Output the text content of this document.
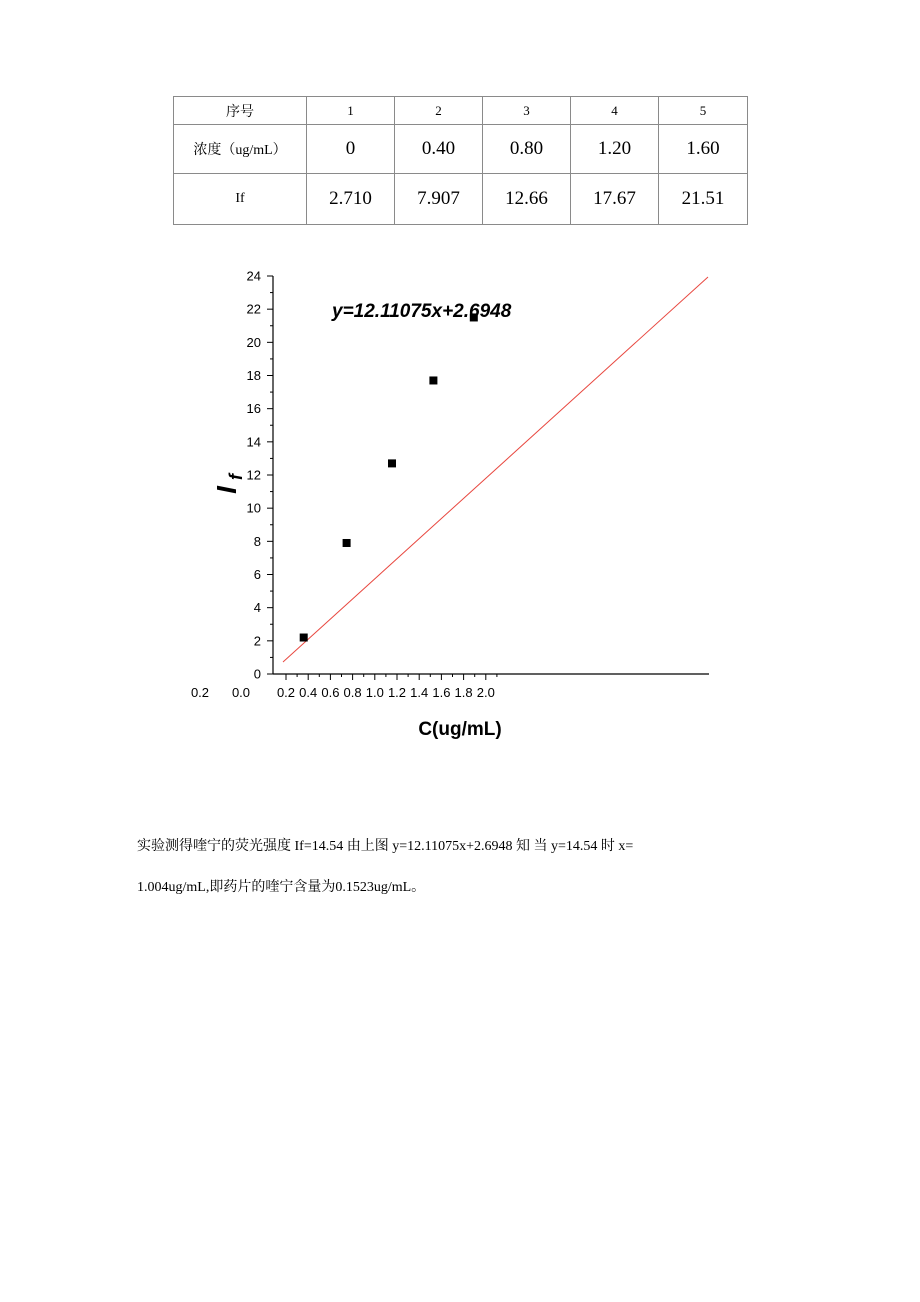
序号	1	2	3	4	5
浓度（ug/mL）	0	0.40	0.80	1.20	1.60
If	2.710	7.907	12.66	17.67	21.51
0
2
4
6
8
10
12
14
16
18
20
22
24
0.2 0.4 0.6 0.8 1.0 1.2 1.4 1.6 1.8 2.0
0.2 0.0
y=12.11075x+2.6948
C(ug/mL)
I
f
实验测得喹宁的荧光强度 If=14.54 由上图 y=12.11075x+2.6948 知 当 y=14.54 时 x=
1.004ug/mL,即药片的喹宁含量为0.1523ug/mL。
